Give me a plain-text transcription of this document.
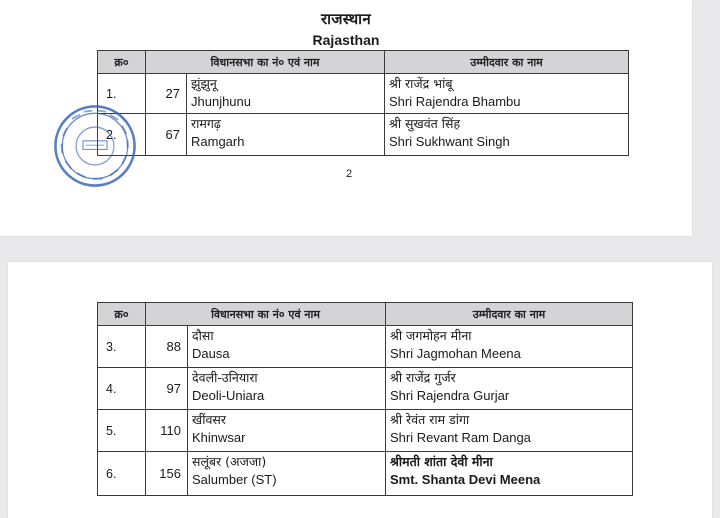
राजस्थान
Rajasthan
क्र०	विधानसभा का नं० एवं नाम		उम्मीदवार का नाम
1.	27	झुंझुनू
Jhunjhunu	श्री राजेंद्र भांबू
Shri Rajendra Bhambu

2.	67	रामगढ़
Ramgarh	श्री सुखवंत सिंह
Shri Sukhwant Singh
2
क्र०	विधानसभा का नं० एवं नाम		उम्मीदवार का नाम
3.	88	दौसा
Dausa	श्री जगमोहन मीना
Shri Jagmohan Meena

4.	97	देवली-उनियारा
Deoli-Uniara	श्री राजेंद्र गुर्जर
Shri Rajendra Gurjar

5.	110	खींवसर
Khinwsar	श्री रेवंत राम डांगा
Shri Revant Ram Danga

6.	156	सलूंबर (अजजा)
Salumber (ST)	श्रीमती शांता देवी मीना
Smt. Shanta Devi Meena
